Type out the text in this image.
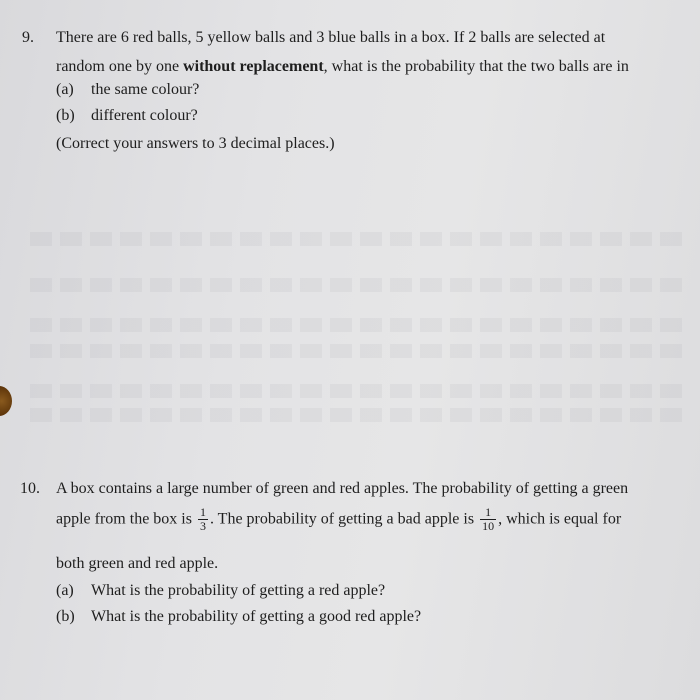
9. There are 6 red balls, 5 yellow balls and 3 blue balls in a box. If 2 balls are selected at
random one by one without replacement, what is the probability that the two balls are in
(a) the same colour?
(b) different colour?
(Correct your answers to 3 decimal places.)
10. A box contains a large number of green and red apples. The probability of getting a green
apple from the box is $\frac{1}{3}$ . The probability of getting a bad apple is $\frac{1}{10}$ , which is equal for
both green and red apple.
(a) What is the probability of getting a red apple?
(b) What is the probability of getting a good red apple?
